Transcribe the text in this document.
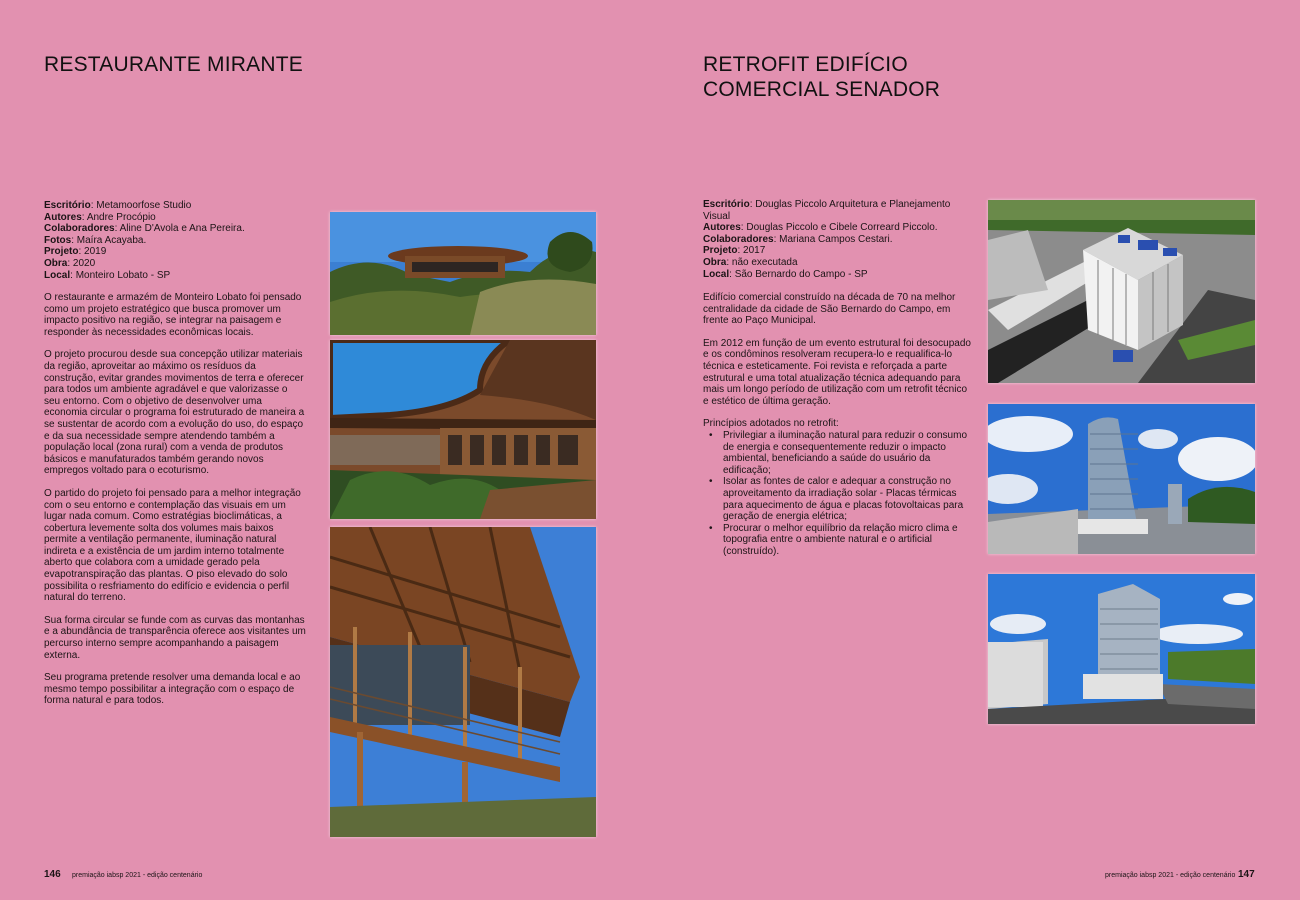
RESTAURANTE MIRANTE
Escritório: Metamoorfose Studio
Autores: Andre Procópio
Colaboradores: Aline D'Avola e Ana Pereira.
Fotos: Maíra Acayaba.
Projeto: 2019
Obra: 2020
Local: Monteiro Lobato - SP

O restaurante e armazém de Monteiro Lobato foi pensado como um projeto estratégico que busca promover um impacto positivo na região, se integrar na paisagem e responder às necessidades econômicas locais.

O projeto procurou desde sua concepção utilizar materiais da região, aproveitar ao máximo os resíduos da construção, evitar grandes movimentos de terra e oferecer para todos um ambiente agradável e que valorizasse o seu entorno. Com o objetivo de desenvolver uma economia circular o programa foi estruturado de maneira a se sustentar de acordo com a evolução do uso, do espaço e da sua necessidade sempre atendendo também a população local (zona rural) com a venda de produtos básicos e manufaturados também gerando novos empregos voltado para o ecoturismo.

O partido do projeto foi pensado para a melhor integração com o seu entorno e contemplação das visuais em um lugar nada comum. Como estratégias bioclimáticas, a cobertura levemente solta dos volumes mais baixos permite a ventilação permanente, iluminação natural indireta e a existência de um jardim interno totalmente aberto que colabora com a umidade gerado pela evapotranspiração das plantas. O piso elevado do solo possibilita o resfriamento do edifício e evidencia o perfil natural do terreno.

Sua forma circular se funde com as curvas das montanhas e a abundância de transparência oferece aos visitantes um percurso interno sempre acompanhando a paisagem externa.

Seu programa pretende resolver uma demanda local e ao mesmo tempo possibilitar a integração com o espaço de forma natural e para todos.

146 premiação iabsp 2021 - edição centenário
RETROFIT EDIFÍCIO
COMERCIAL SENADOR
Escritório: Douglas Piccolo Arquitetura e Planejamento Visual
Autores: Douglas Piccolo e Cibele Correard Piccolo.
Colaboradores: Mariana Campos Cestari.
Projeto: 2017
Obra: não executada
Local: São Bernardo do Campo - SP

Edifício comercial construído na década de 70 na melhor centralidade da cidade de São Bernardo do Campo, em frente ao Paço Municipal.

Em 2012 em função de um evento estrutural foi desocupado e os condôminos resolveram recupera-lo e requalifica-lo técnica e esteticamente. Foi revista e reforçada a parte estrutural e uma total atualização técnica adequando para mais um longo período de utilização com um retrofit técnico e estético de última geração.

Princípios adotados no retrofit:
• Privilegiar a iluminação natural para reduzir o consumo de energia e consequentemente reduzir o impacto ambiental, beneficiando a saúde do usuário da edificação;
• Isolar as fontes de calor e adequar a construção no aproveitamento da irradiação solar - Placas térmicas para aquecimento de água e placas fotovoltaicas para geração de energia elétrica;
• Procurar o melhor equilíbrio da relação micro clima e topografia entre o ambiente natural e o artificial (construído).
premiação iabsp 2021 - edição centenário 147
